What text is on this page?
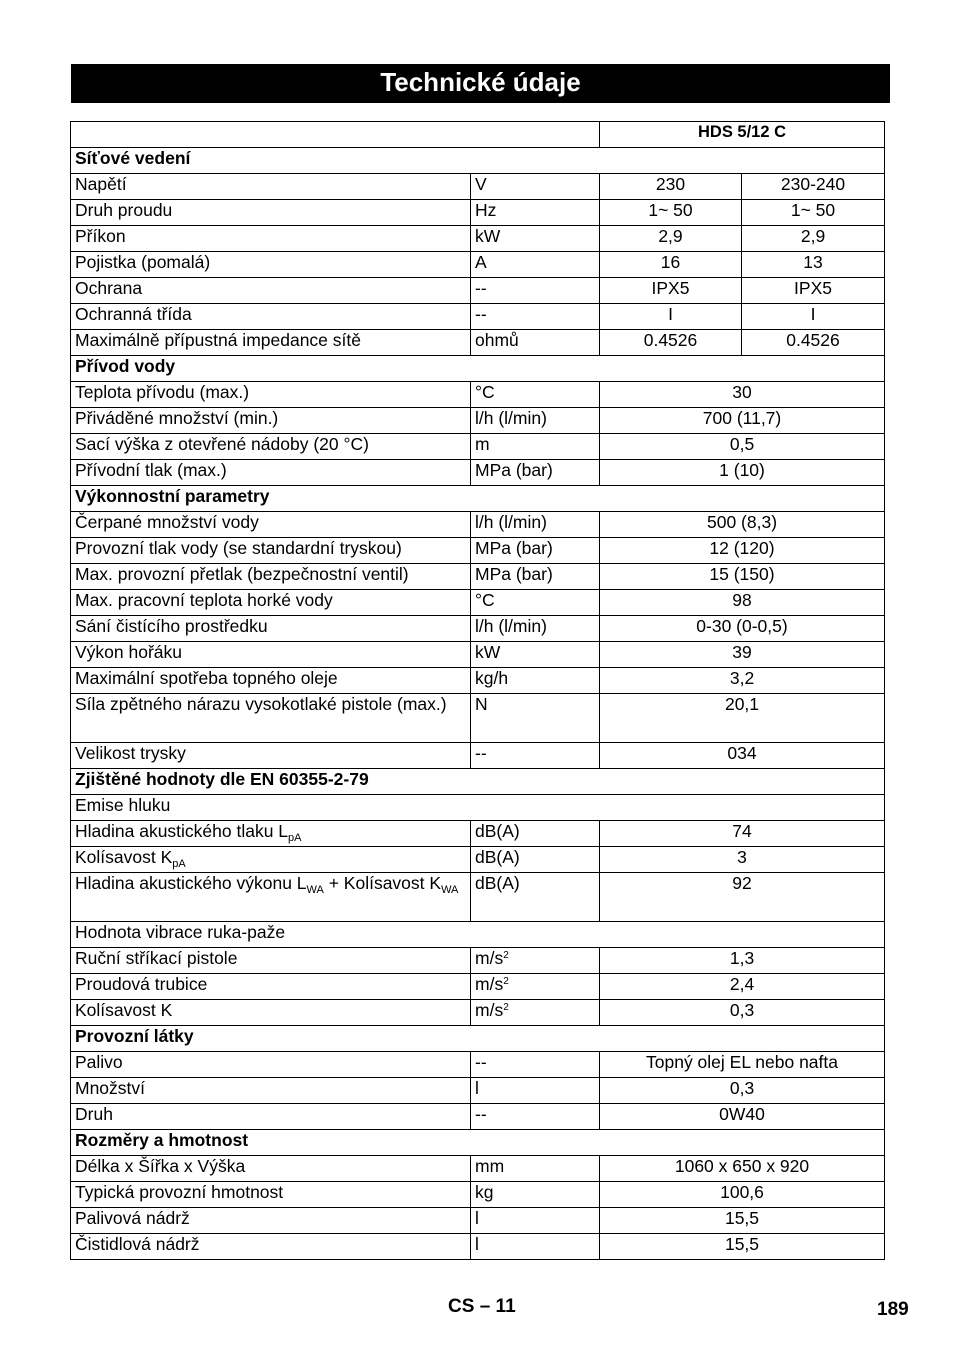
Technické údaje
		HDS 5/12 C	
Síťové vedení			
Napětí	V	230	230-240
Druh proudu	Hz	1~ 50	1~ 50
Příkon	kW	2,9	2,9
Pojistka (pomalá)	A	16	13
Ochrana	--	IPX5	IPX5
Ochranná třída	--	I	I
Maximálně přípustná impedance sítě	ohmů	0.4526	0.4526
Přívod vody			
Teplota přívodu (max.)	°C	30	
Přiváděné množství (min.)	l/h (l/min)	700 (11,7)	
Sací výška z otevřené nádoby (20 °C)	m	0,5	
Přívodní tlak (max.)	MPa (bar)	1 (10)	
Výkonnostní parametry			
Čerpané množství vody	l/h (l/min)	500 (8,3)	
Provozní tlak vody (se standardní tryskou)	MPa (bar)	12 (120)	
Max. provozní přetlak (bezpečnostní ventil)	MPa (bar)	15 (150)	
Max. pracovní teplota horké vody	°C	98	
Sání čistícího prostředku	l/h (l/min)	0-30 (0-0,5)	
Výkon hořáku	kW	39	
Maximální spotřeba topného oleje	kg/h	3,2	
Síla zpětného nárazu vysokotlaké pistole (max.)	N	20,1	
Velikost trysky	--	034	
Zjištěné hodnoty dle EN 60355-2-79			
Emise hluku			
Hladina akustického tlaku $L_{pA}$	dB(A)	74	
Kolísavost $K_{pA}$	dB(A)	3	
Hladina akustického výkonu $L_{WA}$ + Kolísavost $K_{WA}$	dB(A)	92	
Hodnota vibrace ruka-paže			
Ruční stříkací pistole	$m/s^2$	1,3	
Proudová trubice	$m/s^2$	2,4	
Kolísavost K	$m/s^2$	0,3	
Provozní látky			
Palivo	--	Topný olej EL nebo nafta	
Množství	l	0,3	
Druh	--	0W40	
Rozměry a hmotnost			
Délka x Šířka x Výška	mm	1060 x 650 x 920	
Typická provozní hmotnost	kg	100,6	
Palivová nádrž	l	15,5	
Čistidlová nádrž	l	15,5	
CS – 11	189
